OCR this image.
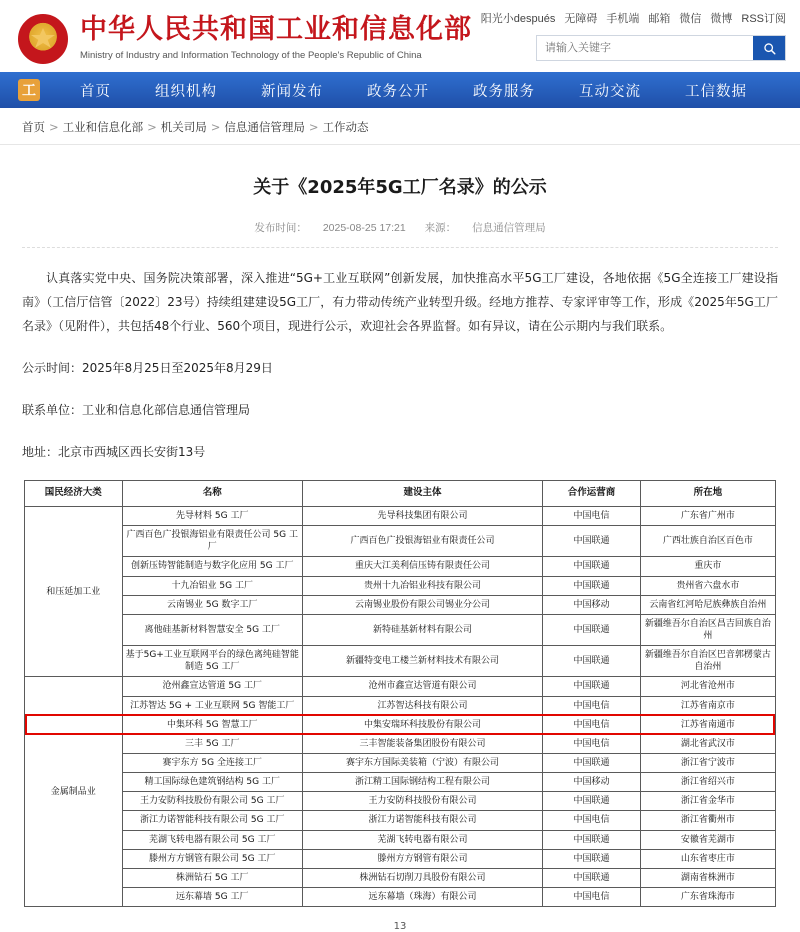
中华人民共和国工业和信息化部
Ministry of Industry and Information Technology of the People's Republic of China
阳光小después 无障碍 手机端 邮箱 微信 微博 RSS订阅
请输入关键字
工	首页	组织机构	新闻发布	政务公开	政务服务	互动交流	工信数据
首页 > 工业和信息化部 > 机关司局 > 信息通信管理局 > 工作动态
关于《2025年5G工厂名录》的公示
发布时间： 2025-08-25 17:21 来源： 信息通信管理局

认真落实党中央、国务院决策部署，深入推进“5G+工业互联网”创新发展，加快推高水平5G工厂建设，各地依据《5G全连接工厂建设指南》（工信厅信管〔2022〕23号）持续组建建设5G工厂，有力带动传统产业转型升级。经地方推荐、专家评审等工作，形成《2025年5G工厂名录》（见附件），共包括48个行业、560个项目，现进行公示，欢迎社会各界监督。如有异议，请在公示期内与我们联系。

公示时间：2025年8月25日至2025年8月29日

联系单位：工业和信息化部信息通信管理局

地址：北京市西城区西长安街13号

国民经济大类	名称	建设主体	合作运营商	所在地
和压延加工业	先导材料 5G 工厂	先导科技集团有限公司	中国电信	广东省广州市
	广西百色广投银海铝业有限责任公司 5G 工厂	广西百色广投银海铝业有限责任公司	中国联通	广西壮族自治区百色市
	创新压铸智能制造与数字化应用 5G 工厂	重庆大江美利信压铸有限责任公司	中国联通	重庆市
	十九冶铝业 5G 工厂	贵州十九冶铝业科技有限公司	中国联通	贵州省六盘水市
	云南锡业 5G 数字工厂	云南锡业股份有限公司锡业分公司	中国移动	云南省红河哈尼族彝族自治州
	离他硅基新材料智慧安全 5G 工厂	新特硅基新材料有限公司	中国联通	新疆维吾尔自治区昌吉回族自治州
	基于5G+工业互联网平台的绿色离纯硅智能制造 5G 工厂	新疆特变电工楼兰新材料技术有限公司	中国联通	新疆维吾尔自治区巴音郭楞蒙古自治州
金属制品业	沧州鑫宣达管道 5G 工厂	沧州市鑫宣达管道有限公司	中国联通	河北省沧州市
	江苏智达 5G + 工业互联网 5G 智能工厂	江苏智达科技有限公司	中国电信	江苏省南京市
	中集环科 5G 智慧工厂	中集安瑞环科技股份有限公司	中国电信	江苏省南通市
	三丰 5G 工厂	三丰智能装备集团股份有限公司	中国电信	湖北省武汉市
	赛宇东方 5G 全连接工厂	赛宇东方国际美装箱（宁波）有限公司	中国联通	浙江省宁波市
	精工国际绿色建筑钢结构 5G 工厂	浙江精工国际钢结构工程有限公司	中国移动	浙江省绍兴市
	王力安防科技股份有限公司 5G 工厂	王力安防科技股份有限公司	中国联通	浙江省金华市
	浙江力诺智能科技有限公司 5G 工厂	浙江力诺智能科技有限公司	中国电信	浙江省衢州市
	芜湖飞转电器有限公司 5G 工厂	芜湖飞转电器有限公司	中国联通	安徽省芜湖市
	滕州方方钢管有限公司 5G 工厂	滕州方方钢管有限公司	中国联通	山东省枣庄市
	株洲钻石 5G 工厂	株洲钻石切削刀具股份有限公司	中国联通	湖南省株洲市
	远东幕墙 5G 工厂	远东幕墙（珠海）有限公司	中国电信	广东省珠海市
13
